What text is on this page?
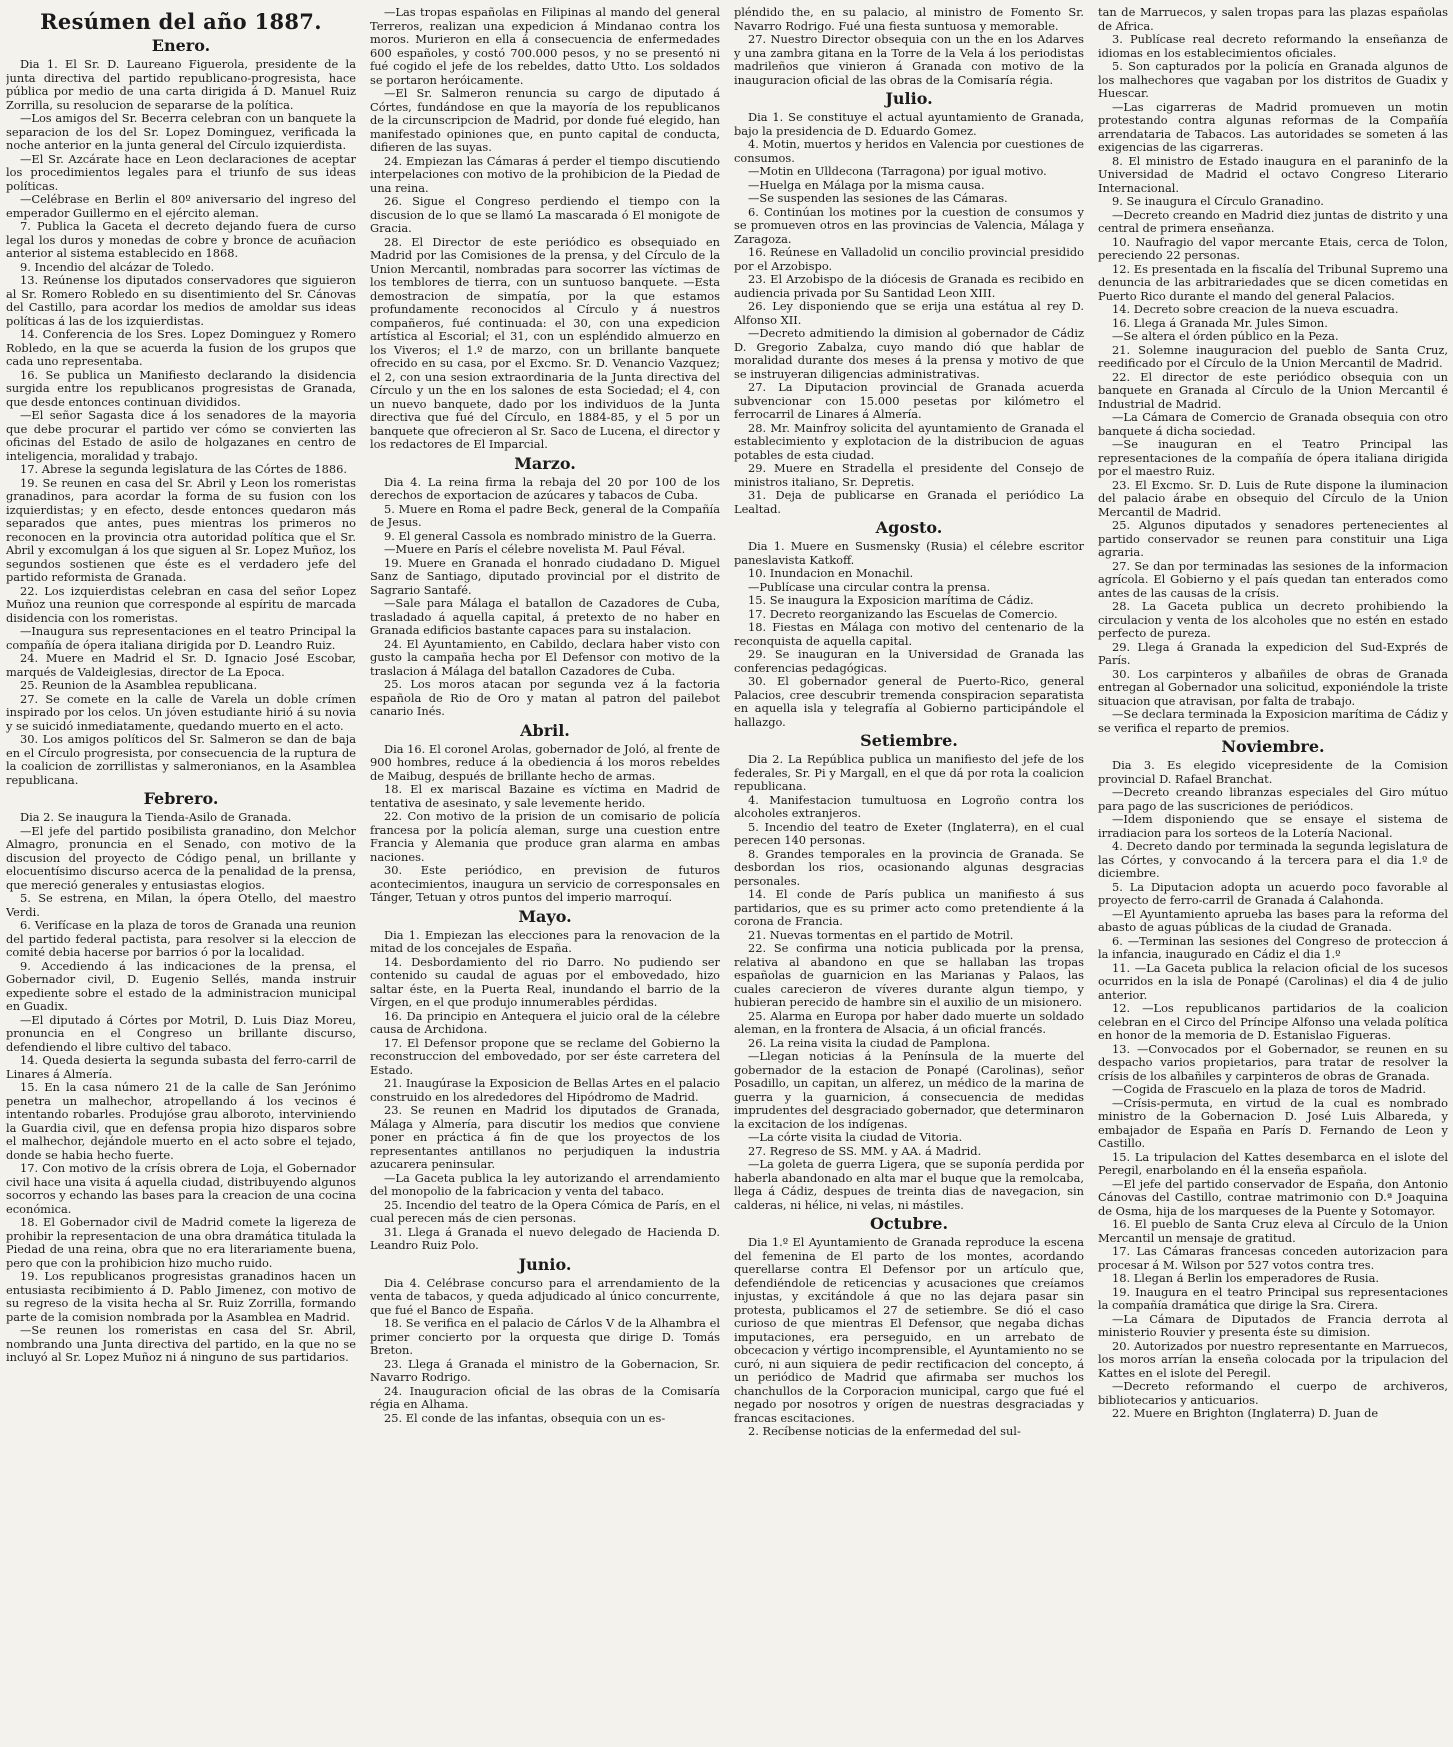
Resúmen del año 1887.
Enero.

Dia 1. El Sr. D. Laureano Figuerola, presidente de la junta directiva del partido republicano-progresista, hace pública por medio de una carta dirigida á D. Manuel Ruiz Zorrilla, su resolucion de separarse de la política.

—Los amigos del Sr. Becerra celebran con un banquete la separacion de los del Sr. Lopez Dominguez, verificada la noche anterior en la junta general del Círculo izquierdista.

—El Sr. Azcárate hace en Leon declaraciones de aceptar los procedimientos legales para el triunfo de sus ideas políticas.

—Celébrase en Berlin el 80º aniversario del ingreso del emperador Guillermo en el ejército aleman.

7. Publica la Gaceta el decreto dejando fuera de curso legal los duros y monedas de cobre y bronce de acuñacion anterior al sistema establecido en 1868.

9. Incendio del alcázar de Toledo.

13. Reúnense los diputados conservadores que siguieron al Sr. Romero Robledo en su disentimiento del Sr. Cánovas del Castillo, para acordar los medios de amoldar sus ideas políticas á las de los izquierdistas.

14. Conferencia de los Sres. Lopez Dominguez y Romero Robledo, en la que se acuerda la fusion de los grupos que cada uno representaba.

16. Se publica un Manifiesto declarando la disidencia surgida entre los republicanos progresistas de Granada, que desde entonces continuan divididos.

—El señor Sagasta dice á los senadores de la mayoria que debe procurar el partido ver cómo se convierten las oficinas del Estado de asilo de holgazanes en centro de inteligencia, moralidad y trabajo.

17. Abrese la segunda legislatura de las Córtes de 1886.

19. Se reunen en casa del Sr. Abril y Leon los romeristas granadinos, para acordar la forma de su fusion con los izquierdistas; y en efecto, desde entonces quedaron más separados que antes, pues mientras los primeros no reconocen en la provincia otra autoridad política que el Sr. Abril y excomulgan á los que siguen al Sr. Lopez Muñoz, los segundos sostienen que éste es el verdadero jefe del partido reformista de Granada.

22. Los izquierdistas celebran en casa del señor Lopez Muñoz una reunion que corresponde al espíritu de marcada disidencia con los romeristas.

—Inaugura sus representaciones en el teatro Principal la compañía de ópera italiana dirigida por D. Leandro Ruiz.

24. Muere en Madrid el Sr. D. Ignacio José Escobar, marqués de Valdeiglesias, director de La Epoca.

25. Reunion de la Asamblea republicana.

27. Se comete en la calle de Varela un doble crímen inspirado por los celos. Un jóven estudiante hirió á su novia y se suicidó inmediatamente, quedando muerto en el acto.

30. Los amigos políticos del Sr. Salmeron se dan de baja en el Círculo progresista, por consecuencia de la ruptura de la coalicion de zorrillistas y salmeronianos, en la Asamblea republicana.

Febrero.

Dia 2. Se inaugura la Tienda-Asilo de Granada.

—El jefe del partido posibilista granadino, don Melchor Almagro, pronuncia en el Senado, con motivo de la discusion del proyecto de Código penal, un brillante y elocuentísimo discurso acerca de la penalidad de la prensa, que mereció generales y entusiastas elogios.

5. Se estrena, en Milan, la ópera Otello, del maestro Verdi.

6. Verifícase en la plaza de toros de Granada una reunion del partido federal pactista, para resolver si la eleccion de comité debia hacerse por barrios ó por la localidad.

9. Accediendo á las indicaciones de la prensa, el Gobernador civil, D. Eugenio Sellés, manda instruir expediente sobre el estado de la administracion municipal en Guadix.

—El diputado á Córtes por Motril, D. Luis Diaz Moreu, pronuncia en el Congreso un brillante discurso, defendiendo el libre cultivo del tabaco.

14. Queda desierta la segunda subasta del ferro-carril de Linares á Almería.

15. En la casa número 21 de la calle de San Jerónimo penetra un malhechor, atropellando á los vecinos é intentando robarles. Produjóse grau alboroto, interviniendo la Guardia civil, que en defensa propia hizo disparos sobre el malhechor, dejándole muerto en el acto sobre el tejado, donde se habia hecho fuerte.

17. Con motivo de la crísis obrera de Loja, el Gobernador civil hace una visita á aquella ciudad, distribuyendo algunos socorros y echando las bases para la creacion de una cocina económica.

18. El Gobernador civil de Madrid comete la ligereza de prohibir la representacion de una obra dramática titulada la Piedad de una reina, obra que no era literariamente buena, pero que con la prohibicion hizo mucho ruido.

19. Los republicanos progresistas granadinos hacen un entusiasta recibimiento á D. Pablo Jimenez, con motivo de su regreso de la visita hecha al Sr. Ruiz Zorrilla, formando parte de la comision nombrada por la Asamblea en Madrid.

—Se reunen los romeristas en casa del Sr. Abril, nombrando una Junta directiva del partido, en la que no se incluyó al Sr. Lopez Muñoz ni á ninguno de sus partidarios.

—Las tropas españolas en Filipinas al mando del general Terreros, realizan una expedicion á Mindanao contra los moros. Murieron en ella á consecuencia de enfermedades 600 españoles, y costó 700.000 pesos, y no se presentó ni fué cogido el jefe de los rebeldes, datto Utto. Los soldados se portaron heróicamente.

—El Sr. Salmeron renuncia su cargo de diputado á Córtes, fundándose en que la mayoría de los republicanos de la circunscripcion de Madrid, por donde fué elegido, han manifestado opiniones que, en punto capital de conducta, difieren de las suyas.

24. Empiezan las Cámaras á perder el tiempo discutiendo interpelaciones con motivo de la prohibicion de la Piedad de una reina.

26. Sigue el Congreso perdiendo el tiempo con la discusion de lo que se llamó La mascarada ó El monigote de Gracia.

28. El Director de este periódico es obsequiado en Madrid por las Comisiones de la prensa, y del Círculo de la Union Mercantil, nombradas para socorrer las víctimas de los temblores de tierra, con un suntuoso banquete. —Esta demostracion de simpatía, por la que estamos profundamente reconocidos al Círculo y á nuestros compañeros, fué continuada: el 30, con una expedicion artística al Escorial; el 31, con un espléndido almuerzo en los Viveros; el 1.º de marzo, con un brillante banquete ofrecido en su casa, por el Excmo. Sr. D. Venancio Vazquez; el 2, con una sesion extraordinaria de la Junta directiva del Círculo y un the en los salones de esta Sociedad; el 4, con un nuevo banquete, dado por los individuos de la Junta directiva que fué del Círculo, en 1884-85, y el 5 por un banquete que ofrecieron al Sr. Saco de Lucena, el director y los redactores de El Imparcial.

Marzo.

Dia 4. La reina firma la rebaja del 20 por 100 de los derechos de exportacion de azúcares y tabacos de Cuba.

5. Muere en Roma el padre Beck, general de la Compañía de Jesus.

9. El general Cassola es nombrado ministro de la Guerra.

—Muere en París el célebre novelista M. Paul Féval.

19. Muere en Granada el honrado ciudadano D. Miguel Sanz de Santiago, diputado provincial por el distrito de Sagrario Santafé.

—Sale para Málaga el batallon de Cazadores de Cuba, trasladado á aquella capital, á pretexto de no haber en Granada edificios bastante capaces para su instalacion.

24. El Ayuntamiento, en Cabildo, declara haber visto con gusto la campaña hecha por El Defensor con motivo de la traslacion á Málaga del batallon Cazadores de Cuba.

25. Los moros atacan por segunda vez á la factoria española de Rio de Oro y matan al patron del pailebot canario Inés.

Abril.

Dia 16. El coronel Arolas, gobernador de Joló, al frente de 900 hombres, reduce á la obediencia á los moros rebeldes de Maibug, después de brillante hecho de armas.

18. El ex mariscal Bazaine es víctima en Madrid de tentativa de asesinato, y sale levemente herido.

22. Con motivo de la prision de un comisario de policía francesa por la policía aleman, surge una cuestion entre Francia y Alemania que produce gran alarma en ambas naciones.

30. Este periódico, en prevision de futuros acontecimientos, inaugura un servicio de corresponsales en Tánger, Tetuan y otros puntos del imperio marroquí.

Mayo.

Dia 1. Empiezan las elecciones para la renovacion de la mitad de los concejales de España.

14. Desbordamiento del rio Darro. No pudiendo ser contenido su caudal de aguas por el embovedado, hizo saltar éste, en la Puerta Real, inundando el barrio de la Vírgen, en el que produjo innumerables pérdidas.

16. Da principio en Antequera el juicio oral de la célebre causa de Archidona.

17. El Defensor propone que se reclame del Gobierno la reconstruccion del embovedado, por ser éste carretera del Estado.

21. Inaugúrase la Exposicion de Bellas Artes en el palacio construido en los alrededores del Hipódromo de Madrid.

23. Se reunen en Madrid los diputados de Granada, Málaga y Almería, para discutir los medios que conviene poner en práctica á fin de que los proyectos de los representantes antillanos no perjudiquen la industria azucarera peninsular.

—La Gaceta publica la ley autorizando el arrendamiento del monopolio de la fabricacion y venta del tabaco.

25. Incendio del teatro de la Opera Cómica de París, en el cual perecen más de cien personas.

31. Llega á Granada el nuevo delegado de Hacienda D. Leandro Ruiz Polo.

Junio.

Dia 4. Celébrase concurso para el arrendamiento de la venta de tabacos, y queda adjudicado al único concurrente, que fué el Banco de España.

18. Se verifica en el palacio de Cárlos V de la Alhambra el primer concierto por la orquesta que dirige D. Tomás Breton.

23. Llega á Granada el ministro de la Gobernacion, Sr. Navarro Rodrigo.

24. Inauguracion oficial de las obras de la Comisaría régia en Alhama.

25. El conde de las infantas, obsequia con un es-

pléndido the, en su palacio, al ministro de Fomento Sr. Navarro Rodrigo. Fué una fiesta suntuosa y memorable.

27. Nuestro Director obsequia con un the en los Adarves y una zambra gitana en la Torre de la Vela á los periodistas madrileños que vinieron á Granada con motivo de la inauguracion oficial de las obras de la Comisaría régia.

Julio.

Dia 1. Se constituye el actual ayuntamiento de Granada, bajo la presidencia de D. Eduardo Gomez.

4. Motin, muertos y heridos en Valencia por cuestiones de consumos.

—Motin en Ulldecona (Tarragona) por igual motivo.

—Huelga en Málaga por la misma causa.

—Se suspenden las sesiones de las Cámaras.

6. Continúan los motines por la cuestion de consumos y se promueven otros en las provincias de Valencia, Málaga y Zaragoza.

16. Reúnese en Valladolid un concilio provincial presidido por el Arzobispo.

23. El Arzobispo de la diócesis de Granada es recibido en audiencia privada por Su Santidad Leon XIII.

26. Ley disponiendo que se erija una estátua al rey D. Alfonso XII.

—Decreto admitiendo la dimision al gobernador de Cádiz D. Gregorio Zabalza, cuyo mando dió que hablar de moralidad durante dos meses á la prensa y motivo de que se instruyeran diligencias administrativas.

27. La Diputacion provincial de Granada acuerda subvencionar con 15.000 pesetas por kilómetro el ferrocarril de Linares á Almería.

28. Mr. Mainfroy solicita del ayuntamiento de Granada el establecimiento y explotacion de la distribucion de aguas potables de esta ciudad.

29. Muere en Stradella el presidente del Consejo de ministros italiano, Sr. Depretis.

31. Deja de publicarse en Granada el periódico La Lealtad.

Agosto.

Dia 1. Muere en Susmensky (Rusia) el célebre escritor paneslavista Katkoff.

10. Inundacion en Monachil.

—Publícase una circular contra la prensa.

15. Se inaugura la Exposicion marítima de Cádiz.

17. Decreto reorganizando las Escuelas de Comercio.

18. Fiestas en Málaga con motivo del centenario de la reconquista de aquella capital.

29. Se inauguran en la Universidad de Granada las conferencias pedagógicas.

30. El gobernador general de Puerto-Rico, general Palacios, cree descubrir tremenda conspiracion separatista en aquella isla y telegrafía al Gobierno participándole el hallazgo.

Setiembre.

Dia 2. La República publica un manifiesto del jefe de los federales, Sr. Pi y Margall, en el que dá por rota la coalicion republicana.

4. Manifestacion tumultuosa en Logroño contra los alcoholes extranjeros.

5. Incendio del teatro de Exeter (Inglaterra), en el cual perecen 140 personas.

8. Grandes temporales en la provincia de Granada. Se desbordan los rios, ocasionando algunas desgracias personales.

14. El conde de París publica un manifiesto á sus partidarios, que es su primer acto como pretendiente á la corona de Francia.

21. Nuevas tormentas en el partido de Motril.

22. Se confirma una noticia publicada por la prensa, relativa al abandono en que se hallaban las tropas españolas de guarnicion en las Marianas y Palaos, las cuales carecieron de víveres durante algun tiempo, y hubieran perecido de hambre sin el auxilio de un misionero.

25. Alarma en Europa por haber dado muerte un soldado aleman, en la frontera de Alsacia, á un oficial francés.

26. La reina visita la ciudad de Pamplona.

—Llegan noticias á la Península de la muerte del gobernador de la estacion de Ponapé (Carolinas), señor Posadillo, un capitan, un alferez, un médico de la marina de guerra y la guarnicion, á consecuencia de medidas imprudentes del desgraciado gobernador, que determinaron la excitacion de los indígenas.

—La córte visita la ciudad de Vitoria.

27. Regreso de SS. MM. y AA. á Madrid.

—La goleta de guerra Ligera, que se suponía perdida por haberla abandonado en alta mar el buque que la remolcaba, llega á Cádiz, despues de treinta dias de navegacion, sin calderas, ni hélice, ni velas, ni mástiles.

Octubre.

Dia 1.º El Ayuntamiento de Granada reproduce la escena del femenina de El parto de los montes, acordando querellarse contra El Defensor por un artículo que, defendiéndole de reticencias y acusaciones que creíamos injustas, y excitándole á que no las dejara pasar sin protesta, publicamos el 27 de setiembre. Se dió el caso curioso de que mientras El Defensor, que negaba dichas imputaciones, era perseguido, en un arrebato de obcecacion y vértigo incomprensible, el Ayuntamiento no se curó, ni aun siquiera de pedir rectificacion del concepto, á un periódico de Madrid que afirmaba ser muchos los chanchullos de la Corporacion municipal, cargo que fué el negado por nosotros y orígen de nuestras desgraciadas y francas escitaciones.

2. Recíbense noticias de la enfermedad del sul-

tan de Marruecos, y salen tropas para las plazas españolas de Africa.

3. Publícase real decreto reformando la enseñanza de idiomas en los establecimientos oficiales.

5. Son capturados por la policía en Granada algunos de los malhechores que vagaban por los distritos de Guadix y Huescar.

—Las cigarreras de Madrid promueven un motin protestando contra algunas reformas de la Compañía arrendataria de Tabacos. Las autoridades se someten á las exigencias de las cigarreras.

8. El ministro de Estado inaugura en el paraninfo de la Universidad de Madrid el octavo Congreso Literario Internacional.

9. Se inaugura el Círculo Granadino.

—Decreto creando en Madrid diez juntas de distrito y una central de primera enseñanza.

10. Naufragio del vapor mercante Etais, cerca de Tolon, pereciendo 22 personas.

12. Es presentada en la fiscalía del Tribunal Supremo una denuncia de las arbitrariedades que se dicen cometidas en Puerto Rico durante el mando del general Palacios.

14. Decreto sobre creacion de la nueva escuadra.

16. Llega á Granada Mr. Jules Simon.

—Se altera el órden público en la Peza.

21. Solemne inauguracion del pueblo de Santa Cruz, reedificado por el Círculo de la Union Mercantil de Madrid.

22. El director de este periódico obsequia con un banquete en Granada al Círculo de la Union Mercantil é Industrial de Madrid.

—La Cámara de Comercio de Granada obsequia con otro banquete á dicha sociedad.

—Se inauguran en el Teatro Principal las representaciones de la compañía de ópera italiana dirigida por el maestro Ruiz.

23. El Excmo. Sr. D. Luis de Rute dispone la iluminacion del palacio árabe en obsequio del Círculo de la Union Mercantil de Madrid.

25. Algunos diputados y senadores pertenecientes al partido conservador se reunen para constituir una Liga agraria.

27. Se dan por terminadas las sesiones de la informacion agrícola. El Gobierno y el país quedan tan enterados como antes de las causas de la crísis.

28. La Gaceta publica un decreto prohibiendo la circulacion y venta de los alcoholes que no estén en estado perfecto de pureza.

29. Llega á Granada la expedicion del Sud-Exprés de París.

30. Los carpinteros y albañiles de obras de Granada entregan al Gobernador una solicitud, exponiéndole la triste situacion que atravisan, por falta de trabajo.

—Se declara terminada la Exposicion marítima de Cádiz y se verifica el reparto de premios.

Noviembre.

Dia 3. Es elegido vicepresidente de la Comision provincial D. Rafael Branchat.

—Decreto creando libranzas especiales del Giro mútuo para pago de las suscriciones de periódicos.

—Idem disponiendo que se ensaye el sistema de irradiacion para los sorteos de la Lotería Nacional.

4. Decreto dando por terminada la segunda legislatura de las Córtes, y convocando á la tercera para el dia 1.º de diciembre.

5. La Diputacion adopta un acuerdo poco favorable al proyecto de ferro-carril de Granada á Calahonda.

—El Ayuntamiento aprueba las bases para la reforma del abasto de aguas públicas de la ciudad de Granada.

6. —Terminan las sesiones del Congreso de proteccion á la infancia, inaugurado en Cádiz el dia 1.º

11. —La Gaceta publica la relacion oficial de los sucesos ocurridos en la isla de Ponapé (Carolinas) el dia 4 de julio anterior.

12. —Los republicanos partidarios de la coalicion celebran en el Circo del Príncipe Alfonso una velada política en honor de la memoria de D. Estanislao Figueras.

13. —Convocados por el Gobernador, se reunen en su despacho varios propietarios, para tratar de resolver la crísis de los albañiles y carpinteros de obras de Granada.

—Cogida de Frascuelo en la plaza de toros de Madrid.

—Crísis-permuta, en virtud de la cual es nombrado ministro de la Gobernacion D. José Luis Albareda, y embajador de España en París D. Fernando de Leon y Castillo.

15. La tripulacion del Kattes desembarca en el islote del Peregil, enarbolando en él la enseña española.

—El jefe del partido conservador de España, don Antonio Cánovas del Castillo, contrae matrimonio con D.ª Joaquina de Osma, hija de los marqueses de la Puente y Sotomayor.

16. El pueblo de Santa Cruz eleva al Círculo de la Union Mercantil un mensaje de gratitud.

17. Las Cámaras francesas conceden autorizacion para procesar á M. Wilson por 527 votos contra tres.

18. Llegan á Berlin los emperadores de Rusia.

19. Inaugura en el teatro Principal sus representaciones la compañía dramática que dirige la Sra. Cirera.

—La Cámara de Diputados de Francia derrota al ministerio Rouvier y presenta éste su dimision.

20. Autorizados por nuestro representante en Marruecos, los moros arrían la enseña colocada por la tripulacion del Kattes en el islote del Peregil.

—Decreto reformando el cuerpo de archiveros, bibliotecarios y anticuarios.

22. Muere en Brighton (Inglaterra) D. Juan de
